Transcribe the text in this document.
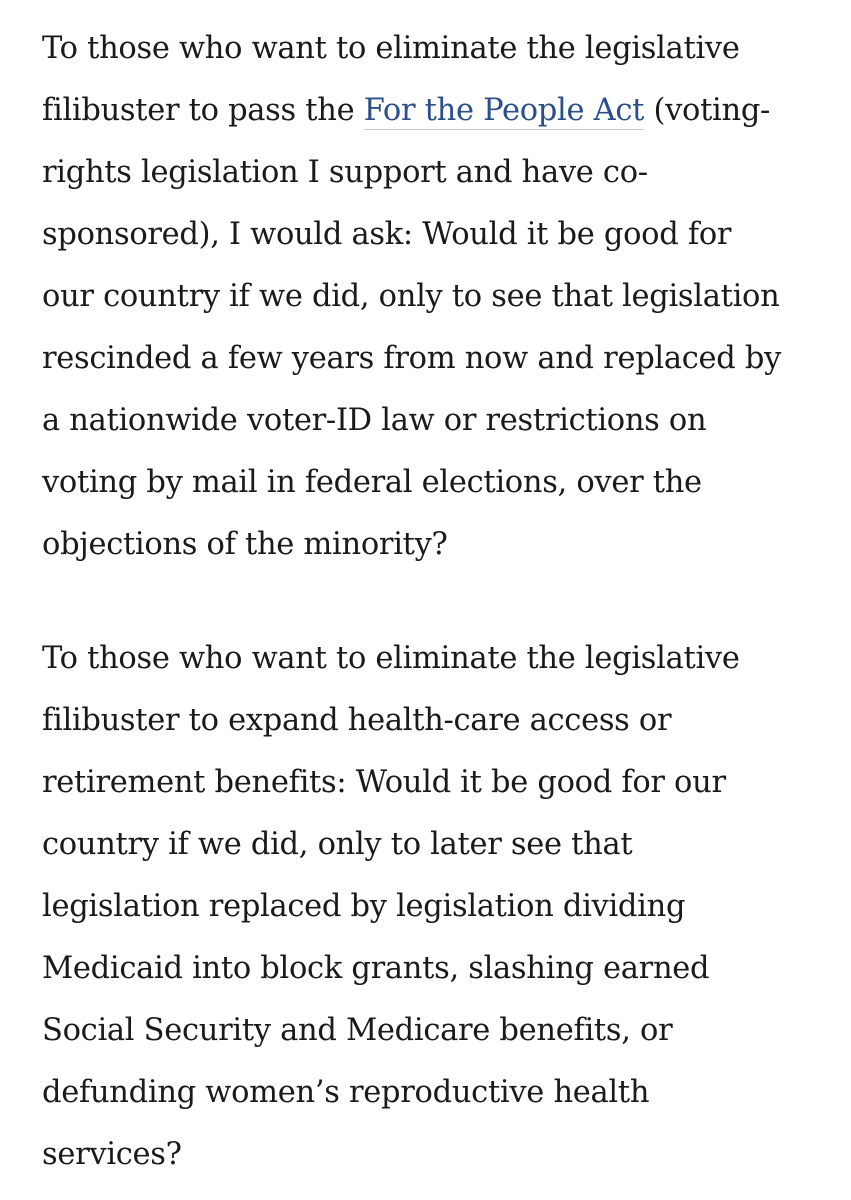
To those who want to eliminate the legislative
filibuster to pass the For the People Act (voting-
rights legislation I support and have co-
sponsored), I would ask: Would it be good for
our country if we did, only to see that legislation
rescinded a few years from now and replaced by
a nationwide voter-ID law or restrictions on
voting by mail in federal elections, over the
objections of the minority?

To those who want to eliminate the legislative
filibuster to expand health-care access or
retirement benefits: Would it be good for our
country if we did, only to later see that
legislation replaced by legislation dividing
Medicaid into block grants, slashing earned
Social Security and Medicare benefits, or
defunding women’s reproductive health
services?
